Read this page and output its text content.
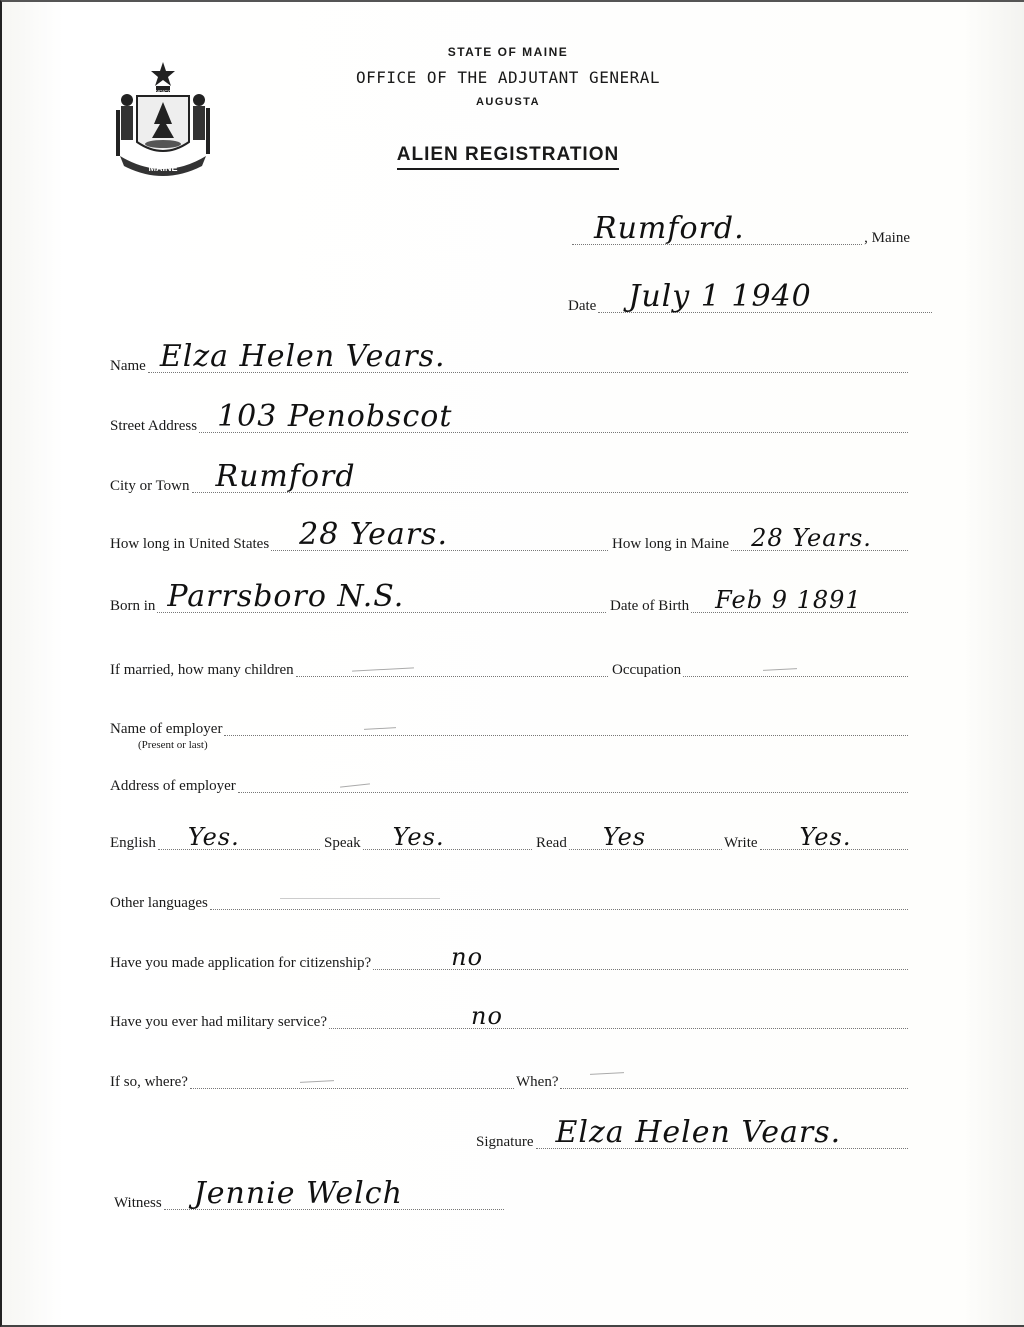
MAINE
DIRIGO
STATE OF MAINE
OFFICE OF THE ADJUTANT GENERAL
AUGUSTA
ALIEN REGISTRATION
Rumford.	, Maine
Date July 1 1940
Name Elza Helen Vears.
Street Address 103 Penobscot
City or Town Rumford
How long in United States 28 Years.	How long in Maine 28 Years.
Born in Parrsboro N.S.	Date of Birth Feb 9 1891
If married, how many children	Occupation
Name of employer
(Present or last)
Address of employer
English Yes.	Speak Yes.	Read Yes	Write Yes.
Other languages
Have you made application for citizenship?	no
Have you ever had military service?	no
If so, where?	When?
Signature Elza Helen Vears.
Witness Jennie Welch
